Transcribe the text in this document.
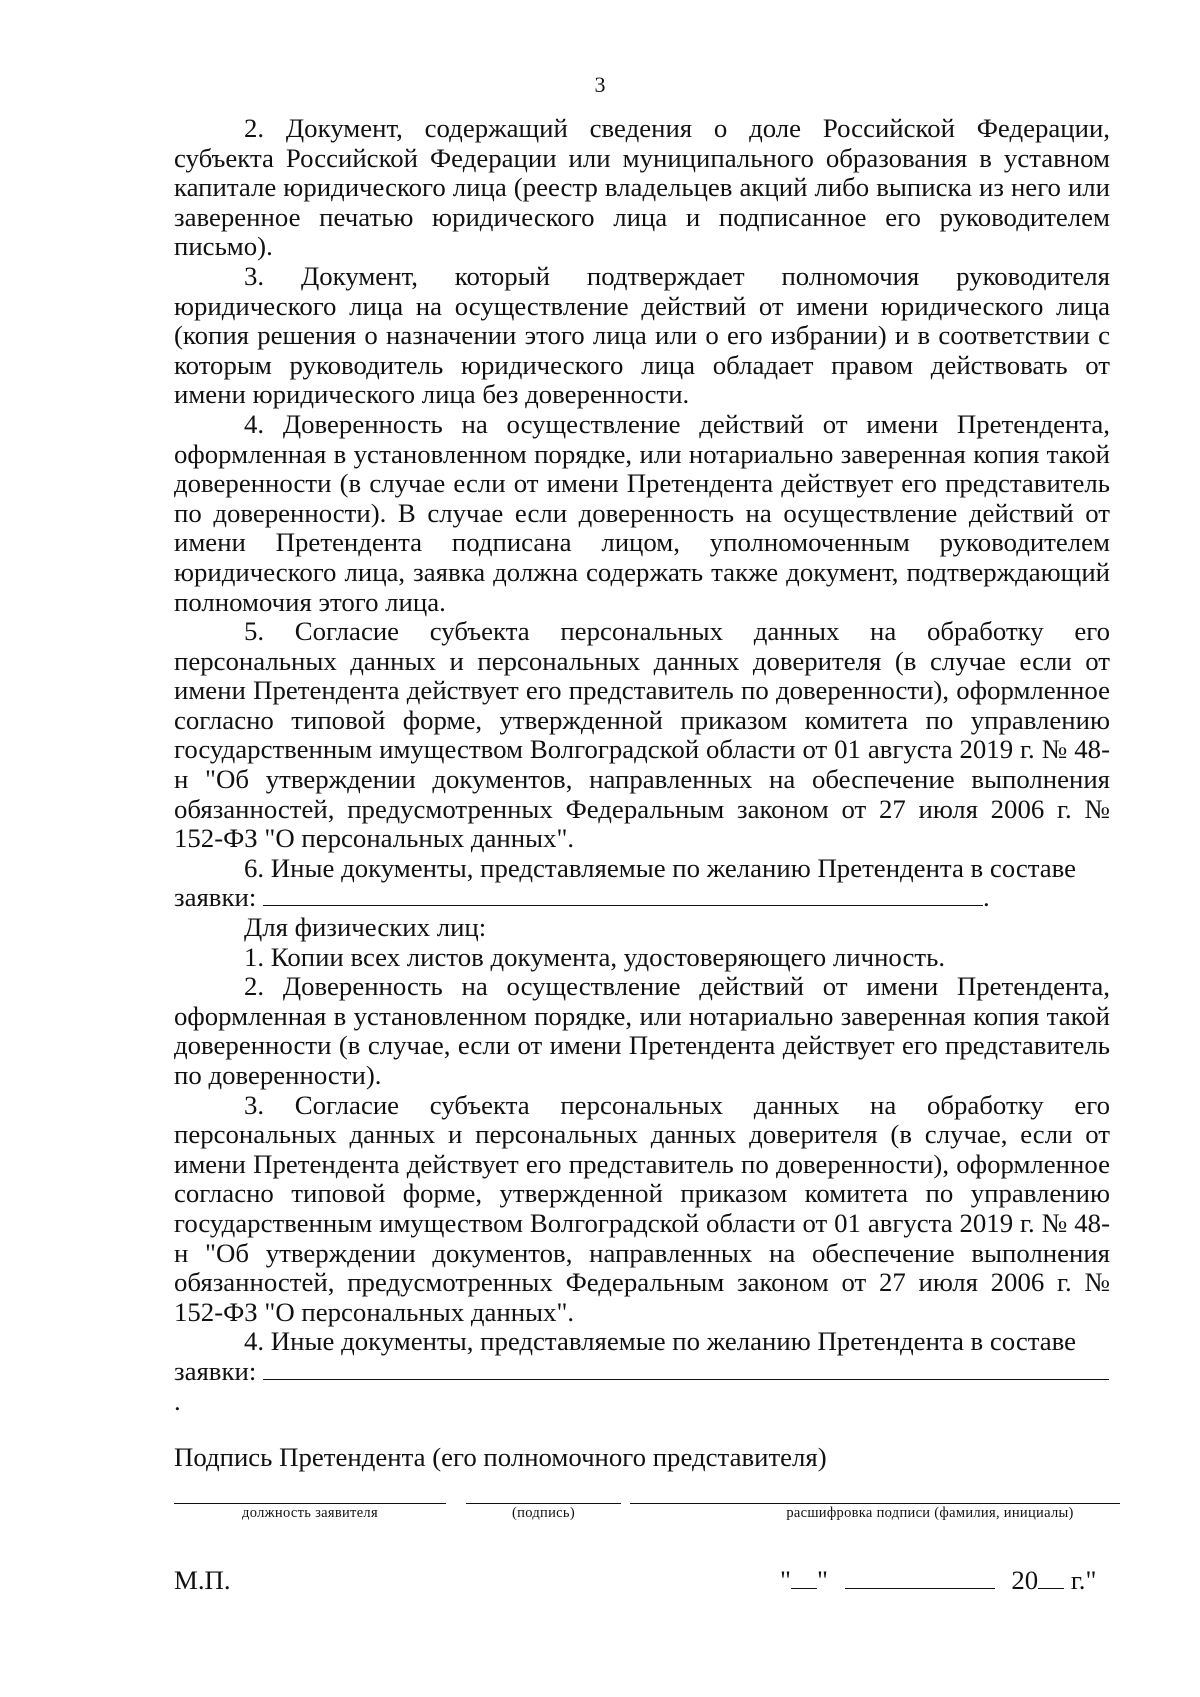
3

2. Документ, содержащий сведения о доле Российской Федерации, субъекта Российской Федерации или муниципального образования в уставном капитале юридического лица (реестр владельцев акций либо выписка из него или заверенное печатью юридического лица и подписанное его руководителем письмо).

3. Документ, который подтверждает полномочия руководителя юридического лица на осуществление действий от имени юридического лица (копия решения о назначении этого лица или о его избрании) и в соответствии с которым руководитель юридического лица обладает правом действовать от имени юридического лица без доверенности.

4. Доверенность на осуществление действий от имени Претендента, оформленная в установленном порядке, или нотариально заверенная копия такой доверенности (в случае если от имени Претендента действует его представитель по доверенности). В случае если доверенность на осуществление действий от имени Претендента подписана лицом, уполномоченным руководителем юридического лица, заявка должна содержать также документ, подтверждающий полномочия этого лица.

5. Согласие субъекта персональных данных на обработку его персональных данных и персональных данных доверителя (в случае если от имени Претендента действует его представитель по доверенности), оформленное согласно типовой форме, утвержденной приказом комитета по управлению государственным имуществом Волгоградской области от 01 августа 2019 г. № 48-н "Об утверждении документов, направленных на обеспечение выполнения обязанностей, предусмотренных Федеральным законом от 27 июля 2006 г. № 152-ФЗ "О персональных данных".

6. Иные документы, представляемые по желанию Претендента в составе заявки:	.

Для физических лиц:

1. Копии всех листов документа, удостоверяющего личность.

2. Доверенность на осуществление действий от имени Претендента, оформленная в установленном порядке, или нотариально заверенная копия такой доверенности (в случае, если от имени Претендента действует его представитель по доверенности).

3. Согласие субъекта персональных данных на обработку его персональных данных и персональных данных доверителя (в случае, если от имени Претендента действует его представитель по доверенности), оформленное согласно типовой форме, утвержденной приказом комитета по управлению государственным имуществом Волгоградской области от 01 августа 2019 г. № 48-н "Об утверждении документов, направленных на обеспечение выполнения обязанностей, предусмотренных Федеральным законом от 27 июля 2006 г. № 152-ФЗ "О персональных данных".

4. Иные документы, представляемые по желанию Претендента в составе заявки: .

Подпись Претендента (его полномочного представителя)
должность заявителя	(подпись)	расшифровка подписи (фамилия, инициалы)
М.П.	" "	20 г."
